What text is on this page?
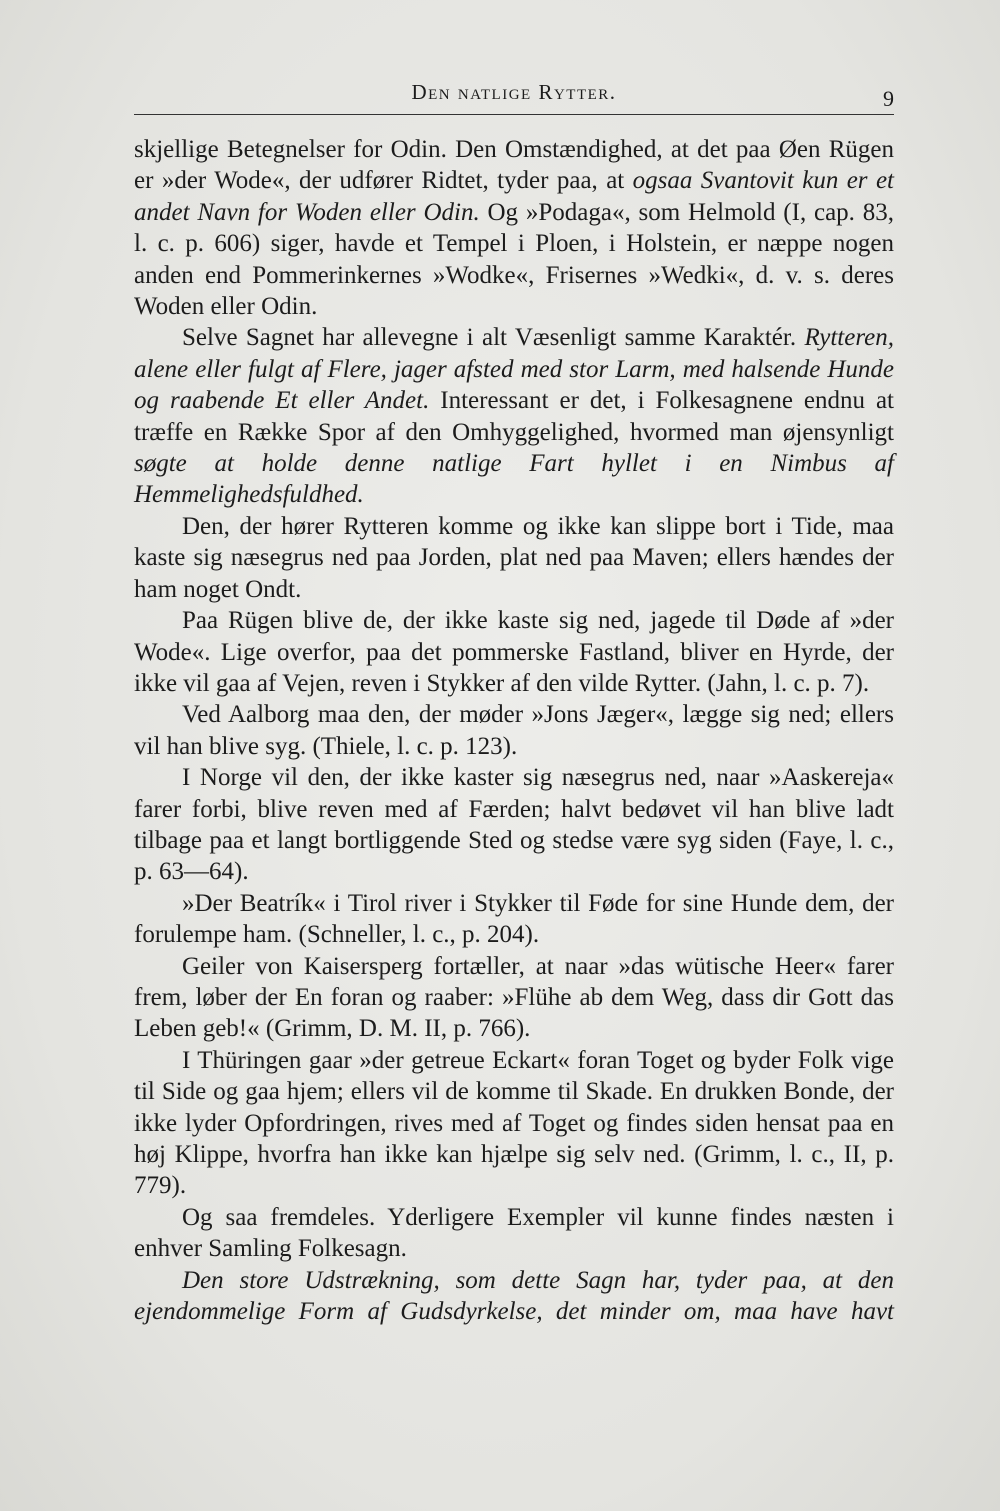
Den natlige Rytter.	9

skjellige Betegnelser for Odin. Den Omstændighed, at det paa Øen Rügen er »der Wode«, der udfører Ridtet, tyder paa, at ogsaa Svantovit kun er et andet Navn for Woden eller Odin. Og »Podaga«, som Helmold (I, cap. 83, l. c. p. 606) siger, havde et Tempel i Ploen, i Holstein, er næppe nogen anden end Pommerinkernes »Wodke«, Frisernes »Wedki«, d. v. s. deres Woden eller Odin.

Selve Sagnet har allevegne i alt Væsenligt samme Karaktér. Rytteren, alene eller fulgt af Flere, jager afsted med stor Larm, med halsende Hunde og raabende Et eller Andet. Interessant er det, i Folkesagnene endnu at træffe en Række Spor af den Omhyggelighed, hvormed man øjensynligt søgte at holde denne natlige Fart hyllet i en Nimbus af Hemmelighedsfuldhed.

Den, der hører Rytteren komme og ikke kan slippe bort i Tide, maa kaste sig næsegrus ned paa Jorden, plat ned paa Maven; ellers hændes der ham noget Ondt.

Paa Rügen blive de, der ikke kaste sig ned, jagede til Døde af »der Wode«. Lige overfor, paa det pommerske Fastland, bliver en Hyrde, der ikke vil gaa af Vejen, reven i Stykker af den vilde Rytter. (Jahn, l. c. p. 7).

Ved Aalborg maa den, der møder »Jons Jæger«, lægge sig ned; ellers vil han blive syg. (Thiele, l. c. p. 123).

I Norge vil den, der ikke kaster sig næsegrus ned, naar »Aaskereja« farer forbi, blive reven med af Færden; halvt bedøvet vil han blive ladt tilbage paa et langt bortliggende Sted og stedse være syg siden (Faye, l. c., p. 63—64).

»Der Beatrík« i Tirol river i Stykker til Føde for sine Hunde dem, der forulempe ham. (Schneller, l. c., p. 204).

Geiler von Kaisersperg fortæller, at naar »das wütische Heer« farer frem, løber der En foran og raaber: »Flühe ab dem Weg, dass dir Gott das Leben geb!« (Grimm, D. M. II, p. 766).

I Thüringen gaar »der getreue Eckart« foran Toget og byder Folk vige til Side og gaa hjem; ellers vil de komme til Skade. En drukken Bonde, der ikke lyder Opfordringen, rives med af Toget og findes siden hensat paa en høj Klippe, hvorfra han ikke kan hjælpe sig selv ned. (Grimm, l. c., II, p. 779).

Og saa fremdeles. Yderligere Exempler vil kunne findes næsten i enhver Samling Folkesagn.

Den store Udstrækning, som dette Sagn har, tyder paa, at den ejendommelige Form af Gudsdyrkelse, det minder om, maa have havt
